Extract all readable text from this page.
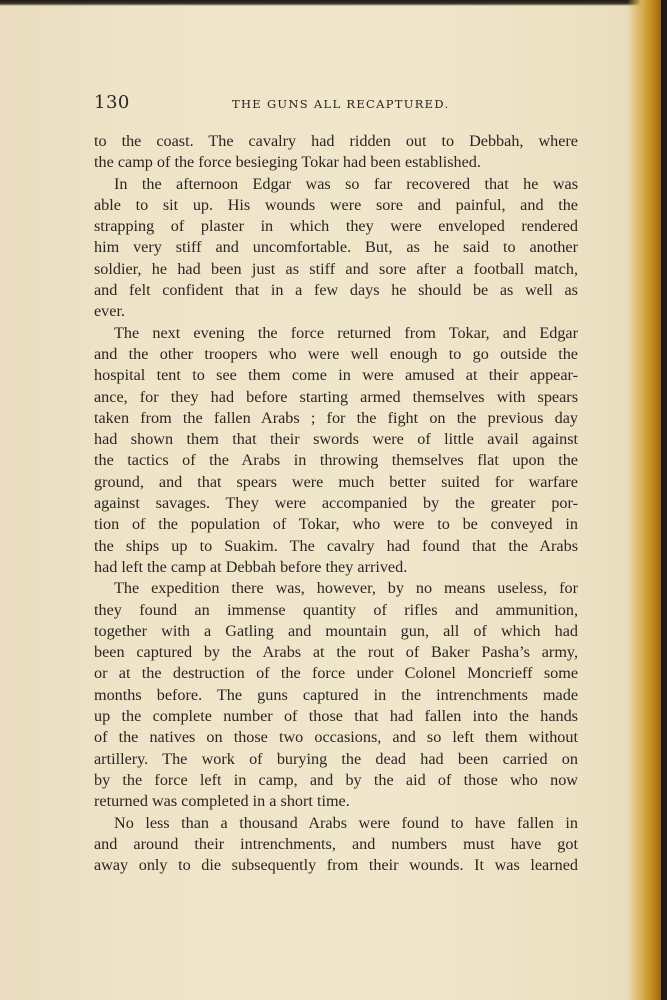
130	THE GUNS ALL RECAPTURED.
to the coast. The cavalry had ridden out to Debbah, where
the camp of the force besieging Tokar had been established.
In the afternoon Edgar was so far recovered that he was
able to sit up. His wounds were sore and painful, and the
strapping of plaster in which they were enveloped rendered
him very stiff and uncomfortable. But, as he said to another
soldier, he had been just as stiff and sore after a football match,
and felt confident that in a few days he should be as well as
ever.
The next evening the force returned from Tokar, and Edgar
and the other troopers who were well enough to go outside the
hospital tent to see them come in were amused at their appear-
ance, for they had before starting armed themselves with spears
taken from the fallen Arabs ; for the fight on the previous day
had shown them that their swords were of little avail against
the tactics of the Arabs in throwing themselves flat upon the
ground, and that spears were much better suited for warfare
against savages. They were accompanied by the greater por-
tion of the population of Tokar, who were to be conveyed in
the ships up to Suakim. The cavalry had found that the Arabs
had left the camp at Debbah before they arrived.
The expedition there was, however, by no means useless, for
they found an immense quantity of rifles and ammunition,
together with a Gatling and mountain gun, all of which had
been captured by the Arabs at the rout of Baker Pasha’s army,
or at the destruction of the force under Colonel Moncrieff some
months before. The guns captured in the intrenchments made
up the complete number of those that had fallen into the hands
of the natives on those two occasions, and so left them without
artillery. The work of burying the dead had been carried on
by the force left in camp, and by the aid of those who now
returned was completed in a short time.
No less than a thousand Arabs were found to have fallen in
and around their intrenchments, and numbers must have got
away only to die subsequently from their wounds. It was learned
